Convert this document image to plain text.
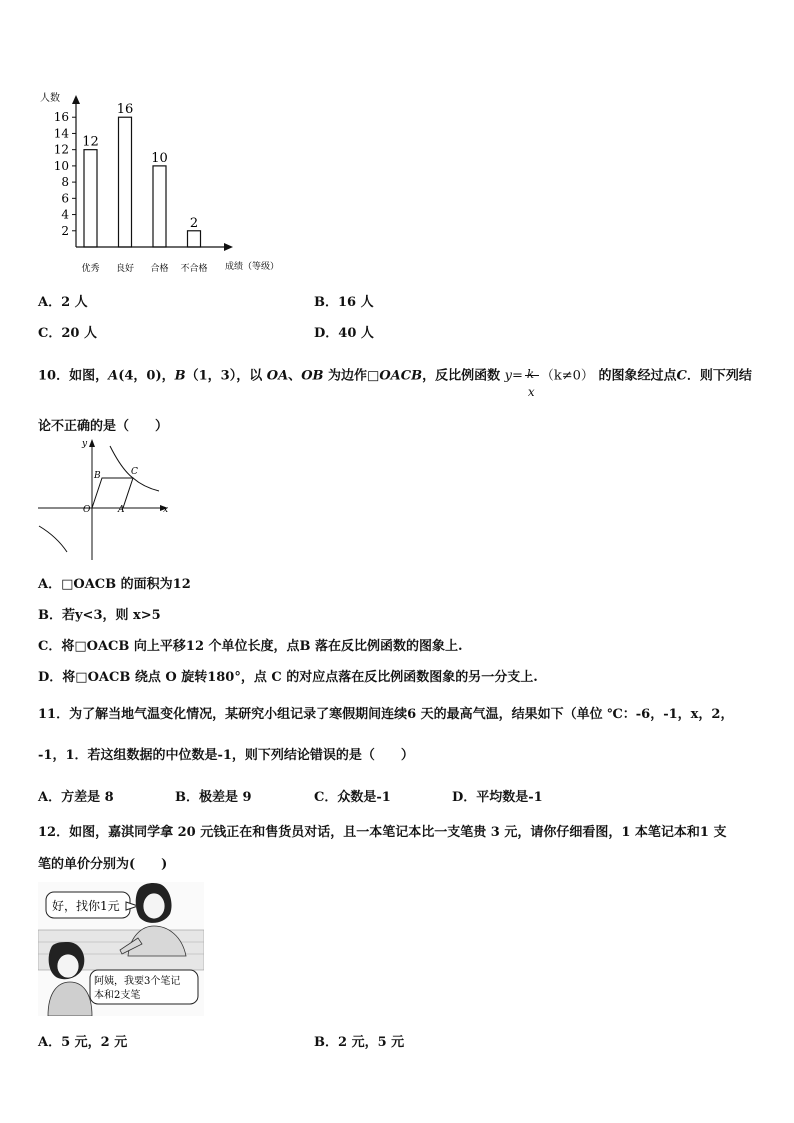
人数
2
4
6
8
10
12
14
16
12
16
10
2
优秀 良好 合格 不合格 成绩（等级）
A．2 人	B．16 人
C．20 人	D．40 人
10．如图，A(4，0)，B（1，3），以 OA、OB 为边作□OACB，反比例函数 y= k
x
（k≠0） 的图象经过点C．则下列结
论不正确的是（　　）
y
x
O	A
B	C
A．□OACB 的面积为12
B．若y<3，则 x>5
C．将□OACB 向上平移12 个单位长度，点B 落在反比例函数的图象上.
D．将□OACB 绕点 O 旋转180°，点 C 的对应点落在反比例函数图象的另一分支上.
11．为了解当地气温变化情况，某研究小组记录了寒假期间连续6 天的最高气温，结果如下（单位 ℃：-6，-1，x，2，
-1，1．若这组数据的中位数是-1，则下列结论错误的是（　　）
A．方差是 8	B．极差是 9	C．众数是-1	D．平均数是-1
12．如图，嘉淇同学拿 20 元钱正在和售货员对话，且一本笔记本比一支笔贵 3 元，请你仔细看图，1 本笔记本和1 支
笔的单价分别为(　　)
好，找你1元
阿姨，我要3个笔记
本和2支笔
A．5 元，2 元	B．2 元，5 元
